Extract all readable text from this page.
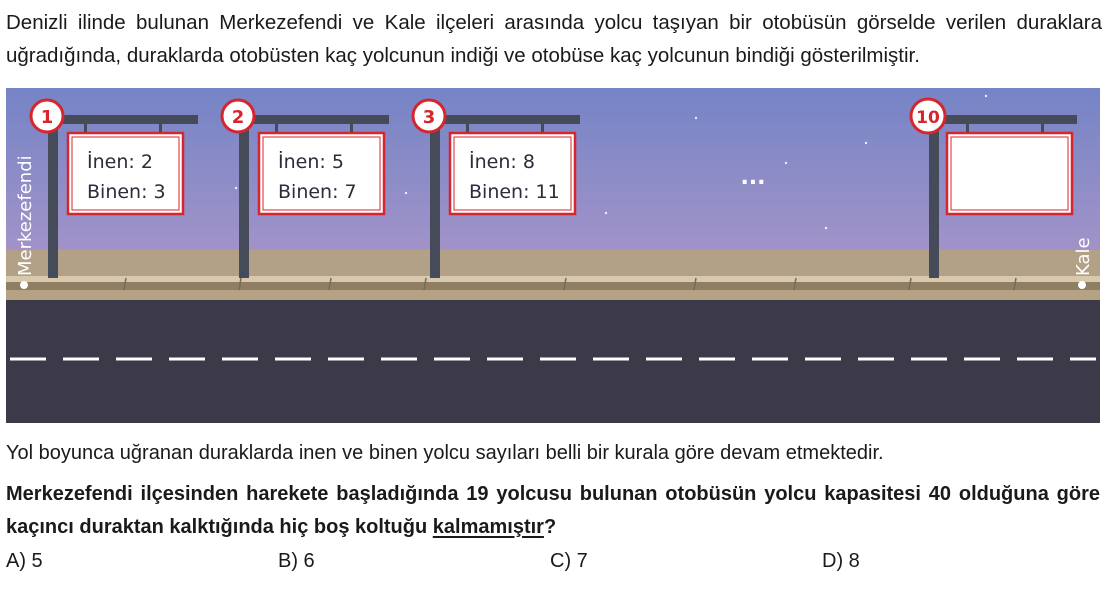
Denizli ilinde bulunan Merkezefendi ve Kale ilçeleri arasında yolcu taşıyan bir otobüsün görselde verilen duraklara uğradığında, duraklarda otobüsten kaç yolcunun indiği ve otobüse kaç yolcunun bindiği gösterilmiştir.

İnen: 2
Binen: 3
1
İnen: 5
Binen: 7
2
İnen: 8
Binen: 11
3
...
10
Merkezefendi	Kale

Yol boyunca uğranan duraklarda inen ve binen yolcu sayıları belli bir kurala göre devam etmektedir.

Merkezefendi ilçesinden harekete başladığında 19 yolcusu bulunan otobüsün yolcu kapasitesi 40 olduğuna göre kaçıncı duraktan kalktığında hiç boş koltuğu kalmamıştır?

A) 5	B) 6	C) 7	D) 8
